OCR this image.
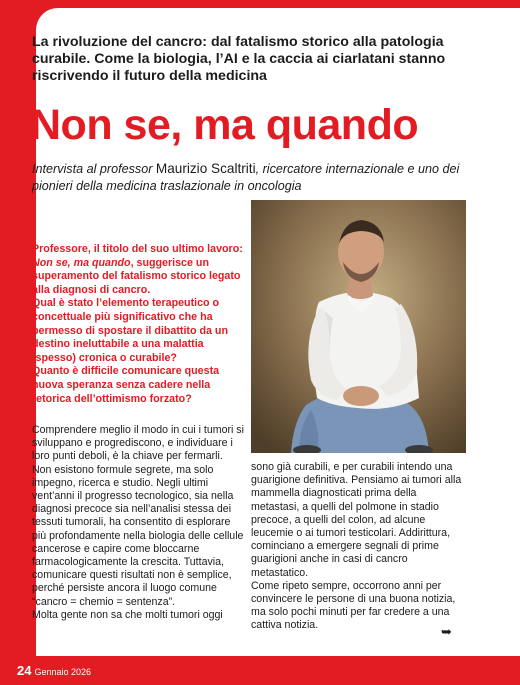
La rivoluzione del cancro: dal fatalismo storico alla patologia curabile. Come la biologia, l’AI e la caccia ai ciarlatani stanno riscrivendo il futuro della medicina
Non se, ma quando
Intervista al professor Maurizio Scaltriti, ricercatore internazionale e uno dei pionieri della medicina traslazionale in oncologia

Professore, il titolo del suo ultimo lavoro: Non se, ma quando, suggerisce un superamento del fatalismo storico legato alla diagnosi di cancro.

Qual è stato l’elemento terapeutico o concettuale più significativo che ha permesso di spostare il dibattito da un destino ineluttabile a una malattia (spesso) cronica o curabile?

Quanto è difficile comunicare questa nuova speranza senza cadere nella retorica dell’ottimismo forzato?

Comprendere meglio il modo in cui i tumori si sviluppano e progrediscono, e individuare i loro punti deboli, è la chiave per fermarli. Non esistono formule segrete, ma solo impegno, ricerca e studio. Negli ultimi vent’anni il progresso tecnologico, sia nella diagnosi precoce sia nell’analisi stessa dei tessuti tumorali, ha consentito di esplorare più profondamente nella biologia delle cellule cancerose e capire come bloccarne farmacologicamente la crescita. Tuttavia, comunicare questi risultati non è semplice, perché persiste ancora il luogo comune “cancro = chemio = sentenza”.

Molta gente non sa che molti tumori oggi

sono già curabili, e per curabili intendo una guarigione definitiva. Pensiamo ai tumori alla mammella diagnosticati prima della metastasi, a quelli del polmone in stadio precoce, a quelli del colon, ad alcune leucemie o ai tumori testicolari. Addirittura, cominciano a emergere segnali di prime guarigioni anche in casi di cancro metastatico.

Come ripeto sempre, occorrono anni per convincere le persone di una buona notizia, ma solo pochi minuti per far credere a una cattiva notizia.	➥
24 Gennaio 2026
